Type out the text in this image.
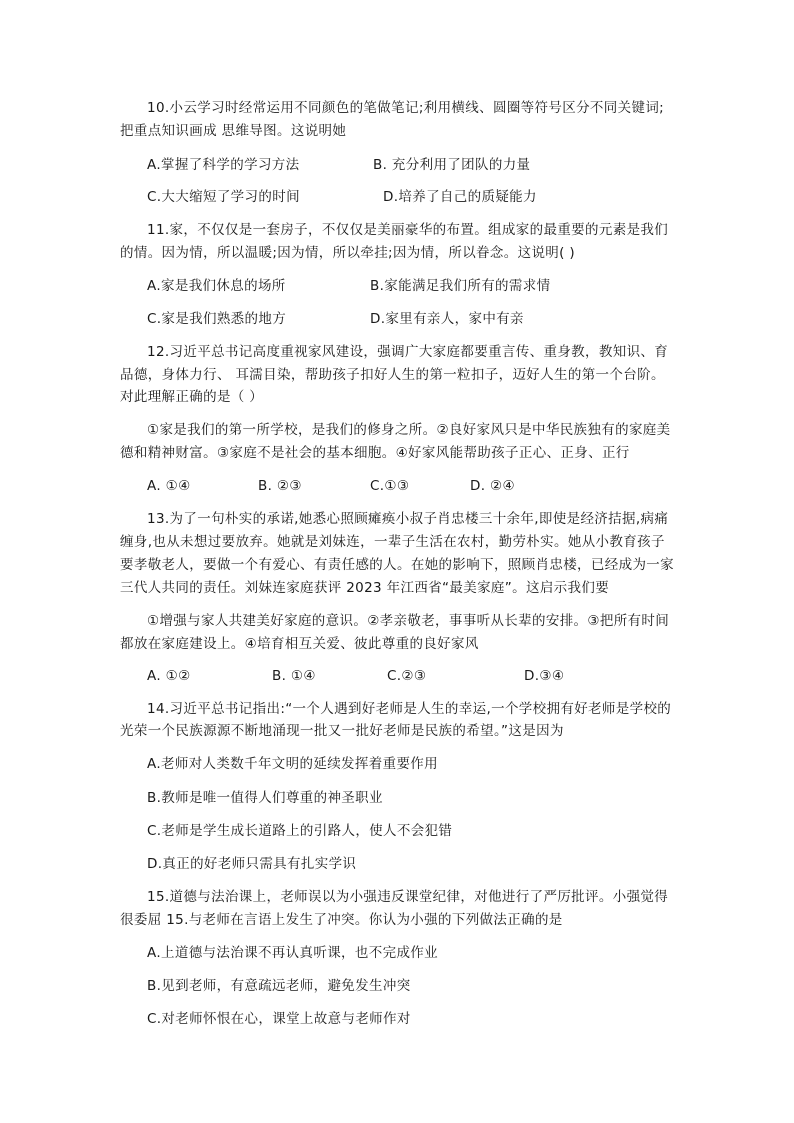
10.小云学习时经常运用不同颜色的笔做笔记;利用横线、圆圈等符号区分不同关键词;
把重点知识画成 思维导图。这说明她
A.掌握了科学的学习方法	B. 充分利用了团队的力量
C.大大缩短了学习的时间	D.培养了自己的质疑能力
11.家，不仅仅是一套房子，不仅仅是美丽豪华的布置。组成家的最重要的元素是我们
的情。因为情，所以温暖;因为情，所以牵挂;因为情，所以眷念。这说明( )
A.家是我们休息的场所	B.家能满足我们所有的需求情
C.家是我们熟悉的地方	D.家里有亲人，家中有亲
12.习近平总书记高度重视家风建设，强调广大家庭都要重言传、重身教，教知识、育
品德，身体力行、 耳濡目染，帮助孩子扣好人生的第一粒扣子，迈好人生的第一个台阶。
对此理解正确的是（ ）
①家是我们的第一所学校，是我们的修身之所。②良好家风只是中华民族独有的家庭美
德和精神财富。③家庭不是社会的基本细胞。④好家风能帮助孩子正心、正身、正行
A. ①④	B. ②③	C.①③	D. ②④
13.为了一句朴实的承诺,她悉心照顾瘫痪小叔子肖忠楼三十余年,即使是经济拮据,病痛
缠身,也从未想过要放弃。她就是刘妹连，一辈子生活在农村，勤劳朴实。她从小教育孩子
要孝敬老人，要做一个有爱心、有责任感的人。在她的影响下，照顾肖忠楼，已经成为一家
三代人共同的责任。刘妹连家庭获评 2023 年江西省“最美家庭”。这启示我们要
①增强与家人共建美好家庭的意识。②孝亲敬老，事事听从长辈的安排。③把所有时间
都放在家庭建设上。④培育相互关爱、彼此尊重的良好家风
A. ①②	B. ①④	C.②③	D.③④
14.习近平总书记指出:“一个人遇到好老师是人生的幸运,一个学校拥有好老师是学校的
光荣一个民族源源不断地涌现一批又一批好老师是民族的希望。”这是因为
A.老师对人类数千年文明的延续发挥着重要作用
B.教师是唯一值得人们尊重的神圣职业
C.老师是学生成长道路上的引路人，使人不会犯错
D.真正的好老师只需具有扎实学识
15.道德与法治课上，老师误以为小强违反课堂纪律，对他进行了严厉批评。小强觉得
很委屈 15.与老师在言语上发生了冲突。你认为小强的下列做法正确的是
A.上道德与法治课不再认真听课，也不完成作业
B.见到老师，有意疏远老师，避免发生冲突
C.对老师怀恨在心，课堂上故意与老师作对
